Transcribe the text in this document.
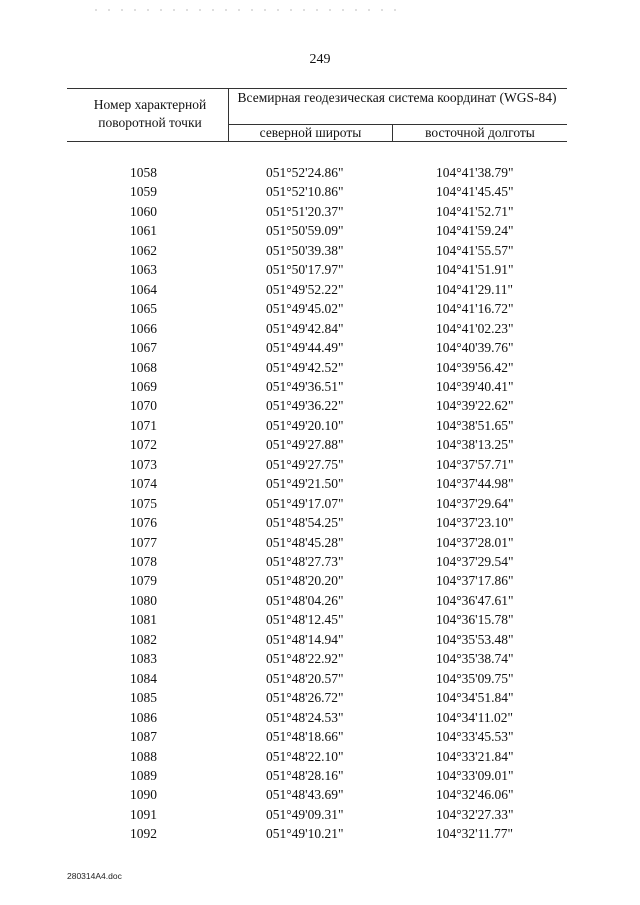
249
Номер характерной поворотной точки
Всемирная геодезическая система координат (WGS-84)
северной широты	восточной долготы
1058	051°52'24.86"	104°41'38.79"
1059	051°52'10.86"	104°41'45.45"
1060	051°51'20.37"	104°41'52.71"
1061	051°50'59.09"	104°41'59.24"
1062	051°50'39.38"	104°41'55.57"
1063	051°50'17.97"	104°41'51.91"
1064	051°49'52.22"	104°41'29.11"
1065	051°49'45.02"	104°41'16.72"
1066	051°49'42.84"	104°41'02.23"
1067	051°49'44.49"	104°40'39.76"
1068	051°49'42.52"	104°39'56.42"
1069	051°49'36.51"	104°39'40.41"
1070	051°49'36.22"	104°39'22.62"
1071	051°49'20.10"	104°38'51.65"
1072	051°49'27.88"	104°38'13.25"
1073	051°49'27.75"	104°37'57.71"
1074	051°49'21.50"	104°37'44.98"
1075	051°49'17.07"	104°37'29.64"
1076	051°48'54.25"	104°37'23.10"
1077	051°48'45.28"	104°37'28.01"
1078	051°48'27.73"	104°37'29.54"
1079	051°48'20.20"	104°37'17.86"
1080	051°48'04.26"	104°36'47.61"
1081	051°48'12.45"	104°36'15.78"
1082	051°48'14.94"	104°35'53.48"
1083	051°48'22.92"	104°35'38.74"
1084	051°48'20.57"	104°35'09.75"
1085	051°48'26.72"	104°34'51.84"
1086	051°48'24.53"	104°34'11.02"
1087	051°48'18.66"	104°33'45.53"
1088	051°48'22.10"	104°33'21.84"
1089	051°48'28.16"	104°33'09.01"
1090	051°48'43.69"	104°32'46.06"
1091	051°49'09.31"	104°32'27.33"
1092	051°49'10.21"	104°32'11.77"
280314A4.doc
